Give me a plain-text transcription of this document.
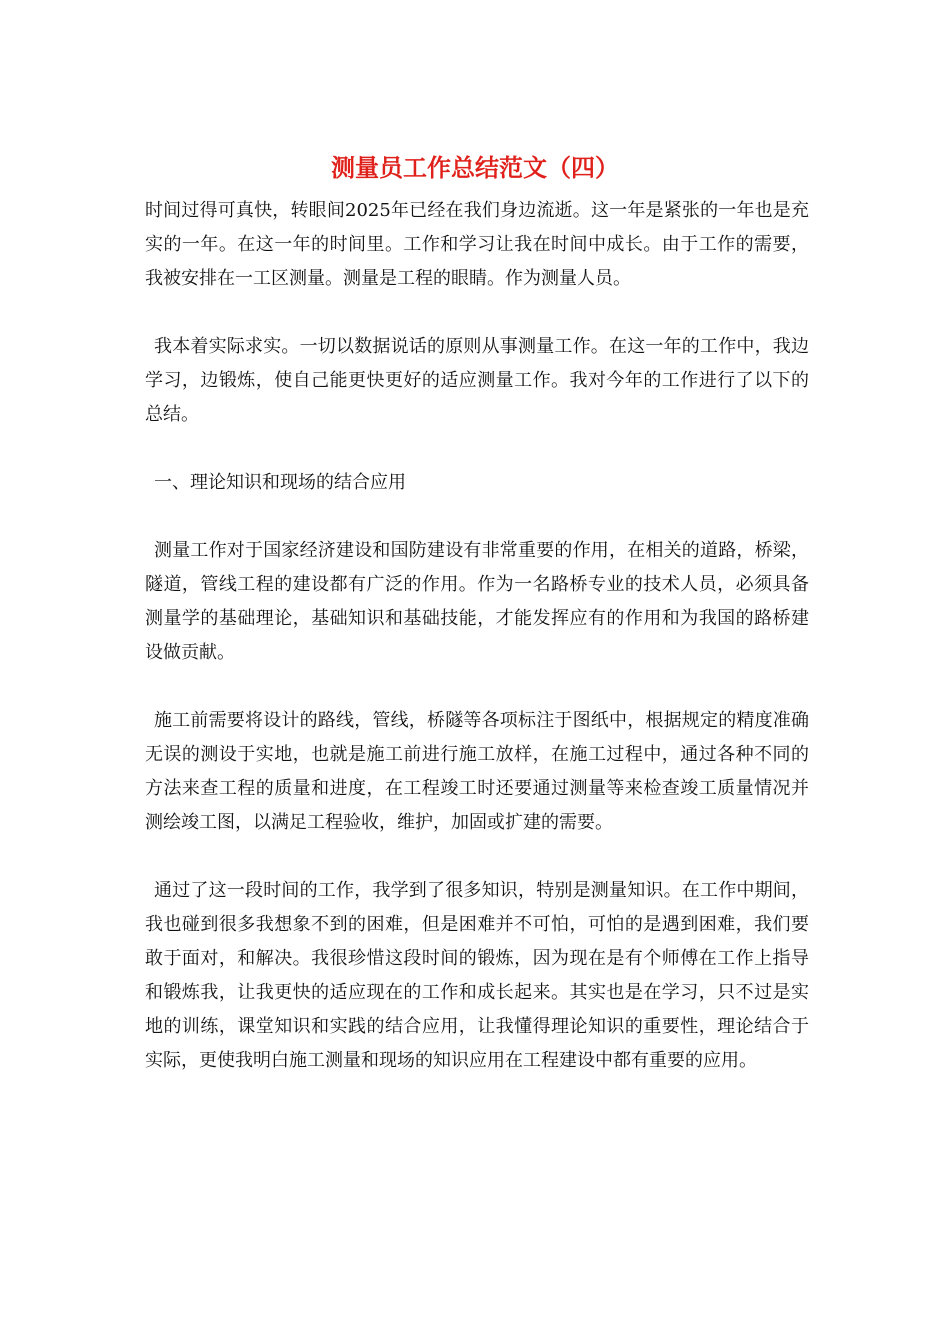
测量员工作总结范文（四）

时间过得可真快，转眼间2025年已经在我们身边流逝。这一年是紧张的一年也是充实的一年。在这一年的时间里。工作和学习让我在时间中成长。由于工作的需要，我被安排在一工区测量。测量是工程的眼睛。作为测量人员。

我本着实际求实。一切以数据说话的原则从事测量工作。在这一年的工作中，我边学习，边锻炼，使自己能更快更好的适应测量工作。我对今年的工作进行了以下的总结。

一、理论知识和现场的结合应用

测量工作对于国家经济建设和国防建设有非常重要的作用，在相关的道路，桥梁，隧道，管线工程的建设都有广泛的作用。作为一名路桥专业的技术人员，必须具备测量学的基础理论，基础知识和基础技能，才能发挥应有的作用和为我国的路桥建设做贡献。

施工前需要将设计的路线，管线，桥隧等各项标注于图纸中，根据规定的精度准确无误的测设于实地，也就是施工前进行施工放样，在施工过程中，通过各种不同的方法来查工程的质量和进度，在工程竣工时还要通过测量等来检查竣工质量情况并测绘竣工图，以满足工程验收，维护，加固或扩建的需要。

通过了这一段时间的工作，我学到了很多知识，特别是测量知识。在工作中期间，我也碰到很多我想象不到的困难，但是困难并不可怕，可怕的是遇到困难，我们要敢于面对，和解决。我很珍惜这段时间的锻炼，因为现在是有个师傅在工作上指导和锻炼我，让我更快的适应现在的工作和成长起来。其实也是在学习，只不过是实地的训练，课堂知识和实践的结合应用，让我懂得理论知识的重要性，理论结合于实际，更使我明白施工测量和现场的知识应用在工程建设中都有重要的应用。
